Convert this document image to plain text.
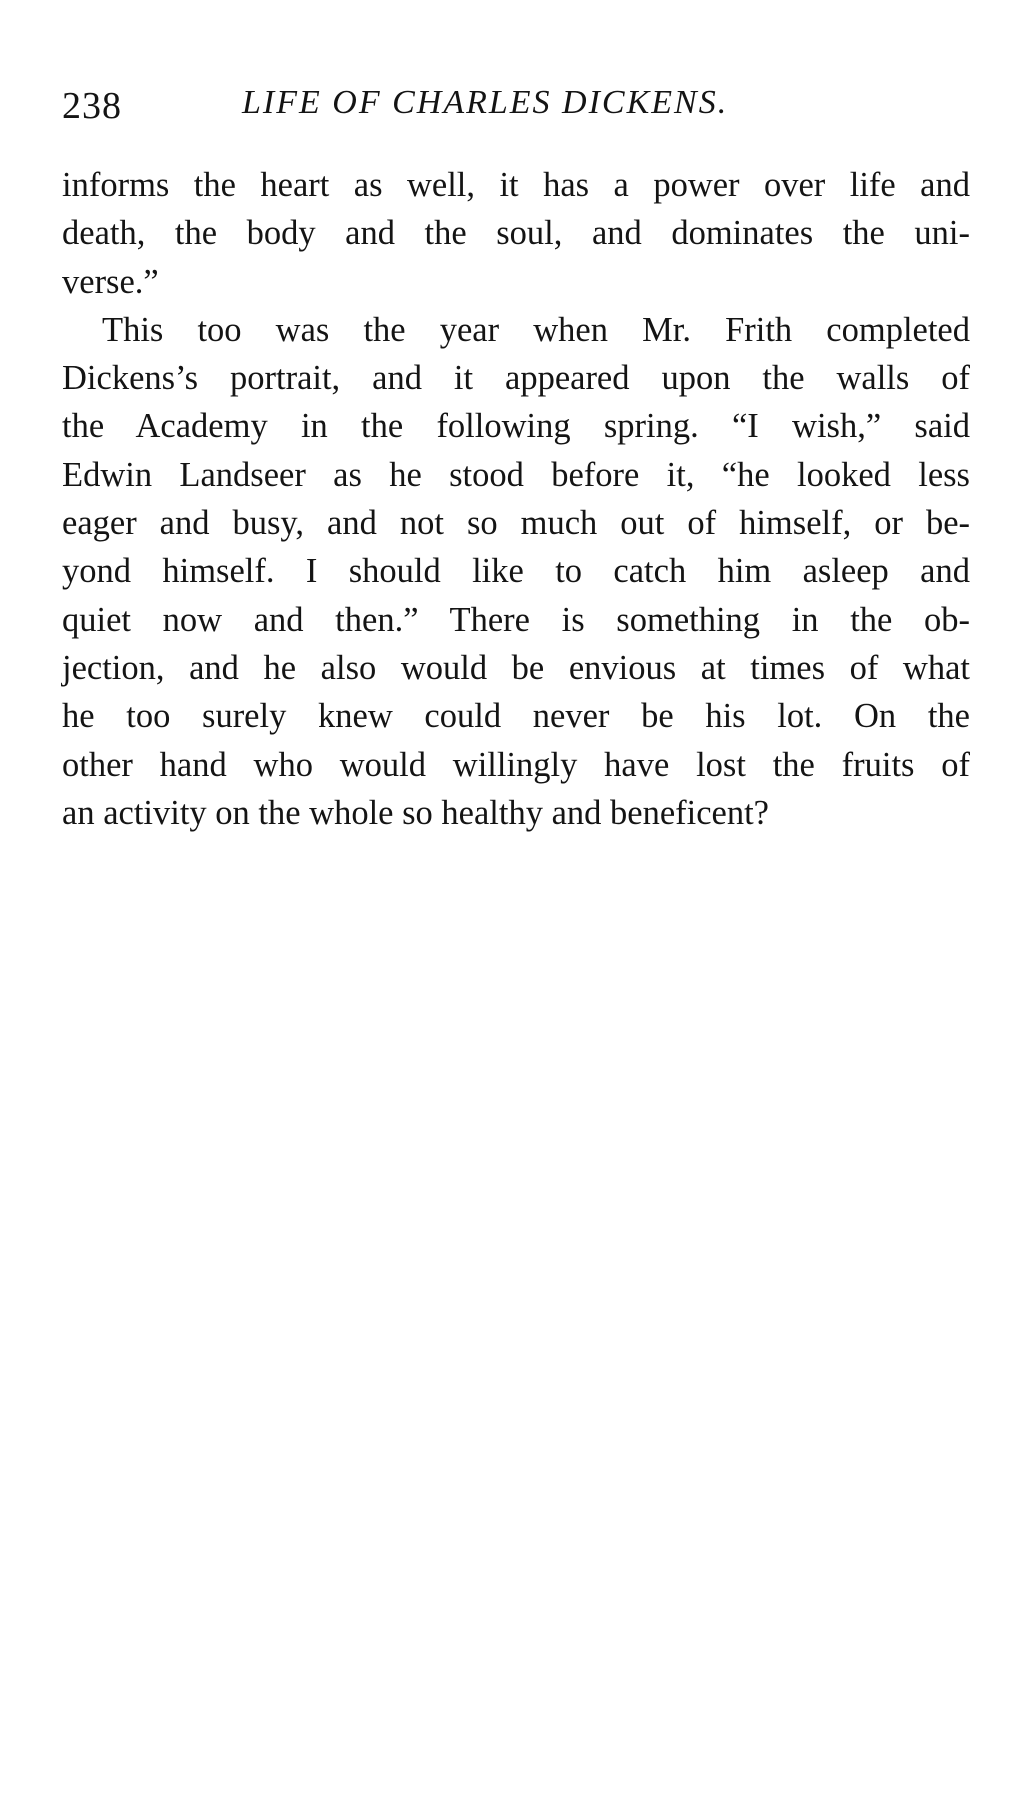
238	LIFE OF CHARLES DICKENS.
informs the heart as well, it has a power over life and
death, the body and the soul, and dominates the uni-
verse.”
This too was the year when Mr. Frith completed
Dickens’s portrait, and it appeared upon the walls of
the Academy in the following spring. “I wish,” said
Edwin Landseer as he stood before it, “he looked less
eager and busy, and not so much out of himself, or be-
yond himself. I should like to catch him asleep and
quiet now and then.” There is something in the ob-
jection, and he also would be envious at times of what
he too surely knew could never be his lot. On the
other hand who would willingly have lost the fruits of
an activity on the whole so healthy and beneficent?
